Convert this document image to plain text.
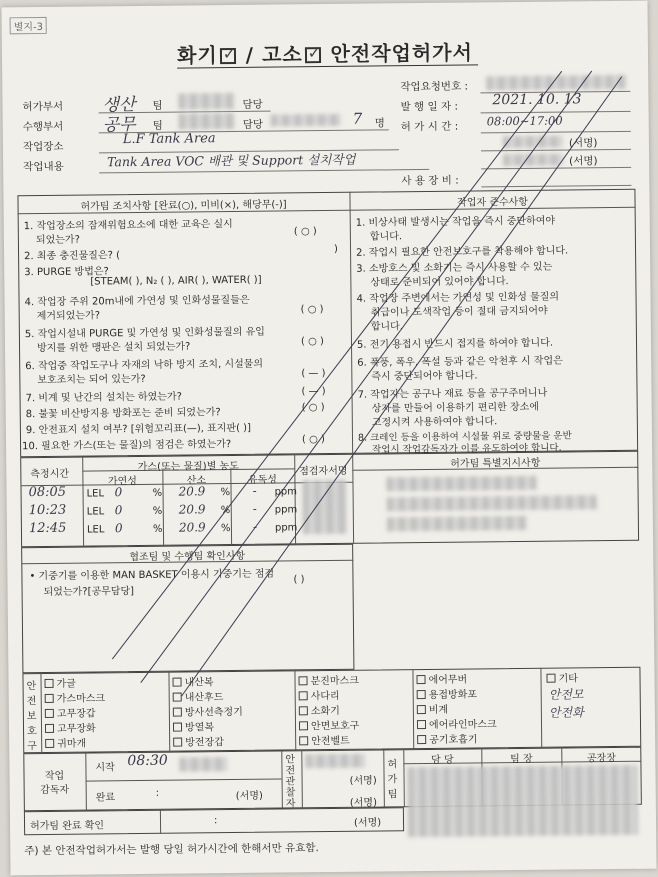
별지-3
화기 ✓ / 고소 ✓ 안전작업허가서
허가부서 생산 팀	담당
수행부서 공무 팀	담당	7 명
작업장소	L.F Tank Area
작업내용	Tank Area VOC 배관 및 Support 설치작업
작업요청번호 :
발 행 일 자 : 2021. 10. 13
허 가 시 간 : 08:00~17:00
(서명)
(서명)
사 용 장 비 :
허가팀 조치사항 [완료(○), 미비(×), 해당무(-)]	작업자 준수사항
1. 작업장소의 잠재위험요소에 대한 교육은 실시
되었는가?
( ○ )
2. 최종 충진물질은? (
)
3. PURGE 방법은?
[STEAM( ), N₂ ( ), AIR( ), WATER( )]
4. 작업장 주위 20m내에 가연성 및 인화성물질들은
제거되었는가?
( ○ )
5. 작업시설내 PURGE 및 가연성 및 인화성물질의 유입
방지를 위한 맹판은 설치 되었는가?	( ○ )
6. 작업중 작업도구나 자재의 낙하 방지 조치, 시설물의
보호조치는 되어 있는가?
( — )
7. 비계 및 난간의 설치는 하였는가?	( — )
8. 불꽃 비산방지용 방화포는 준비 되었는가?	( ○ )
9. 안전표지 설치 여부? [위험꼬리표(—), 표지판( )]
10. 필요한 가스(또는 물질)의 점검은 하였는가?	( ○ )
1. 비상사태 발생시는 작업을 즉시 중단하여야
합니다.
2. 작업시 필요한 안전보호구를 착용해야 합니다.
3. 소방호스 및 소화기는 즉시 사용할 수 있는
상태로 준비되어 있어야 합니다.
4. 작업장 주변에서는 가연성 및 인화성 물질의
취급이나 도색작업 등이 절대 금지되어야
합니다.
5. 전기 용접시 반드시 접지를 하여야 합니다.
6. 폭풍, 폭우, 폭설 등과 같은 악천후 시 작업은
즉시 중단되어야 합니다.
7. 작업자는 공구나 재료 등을 공구주머니나
상자를 만들어 이용하기 편리한 장소에
고정시켜 사용하여야 합니다.
8. 크레인 등을 이용하여 시설물 위로 중량물을 운반
작업시 작업감독자가 이를 유도하여야 합니다.
측정시간
가스(또는 물질)별 농도
가연성	산소	유독성
점검자서명
허가팀 특별지시사항
08:05 LEL 0	% 20.9 % - ppm
10:23 LEL 0	% 20.9 % - ppm
12:45 LEL 0	% 20.9 % - ppm
협조팀 및 수행팀 확인사항
• 기중기를 이용한 MAN BASKET 이용시 기중기는 점검
되었는가?[공무담당]
( )
안
전
보
호
구
가글
가스마스크
고무장갑
고무장화
귀마개
내산복
내산후드
방사선측정기
방열복
방전장갑
분진마스크
사다리
소화기
안면보호구
안전벨트
에어무버
용접방화포
비계
에어라인마스크
공기호흡기
기타
안전모
안전화
작업
감독자
시작 08:30
완료	:	(서명)
안
전
관
찰
자
(서명)
(서명)
허
가
팀
담 당	팀 장	공장장
허가팀 완료 확인	:	(서명)
주) 본 안전작업허가서는 발행 당일 허가시간에 한해서만 유효함.
